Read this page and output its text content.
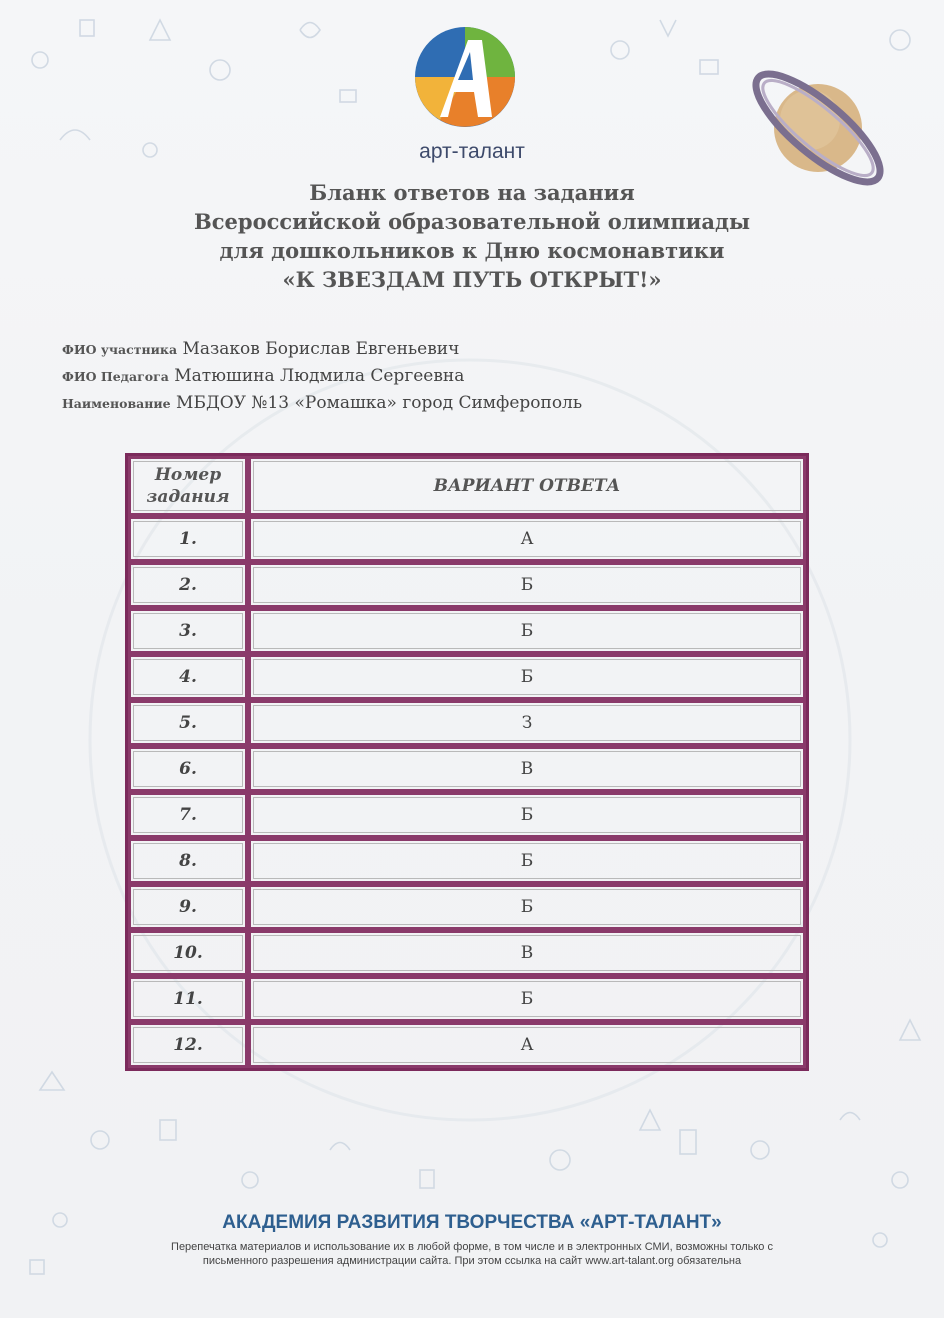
арт-талант
Бланк ответов на задания
Всероссийской образовательной олимпиады
для дошкольников к Дню космонавтики
«К ЗВЕЗДАМ ПУТЬ ОТКРЫТ!»
ФИО участника Мазаков Борислав Евгеньевич
ФИО Педагога Матюшина Людмила Сергеевна
Наименование МБДОУ №13 «Ромашка» город Симферополь
Номер
задания	ВАРИАНТ ОТВЕТА
1.	А
2.	Б
3.	Б
4.	Б
5.	З
6.	В
7.	Б
8.	Б
9.	Б
10.	В
11.	Б
12.	А
АКАДЕМИЯ РАЗВИТИЯ ТВОРЧЕСТВА «АРТ-ТАЛАНТ»
Перепечатка материалов и использование их в любой форме, в том числе и в электронных СМИ, возможны только с
письменного разрешения администрации сайта. При этом ссылка на сайт www.art-talant.org обязательна
